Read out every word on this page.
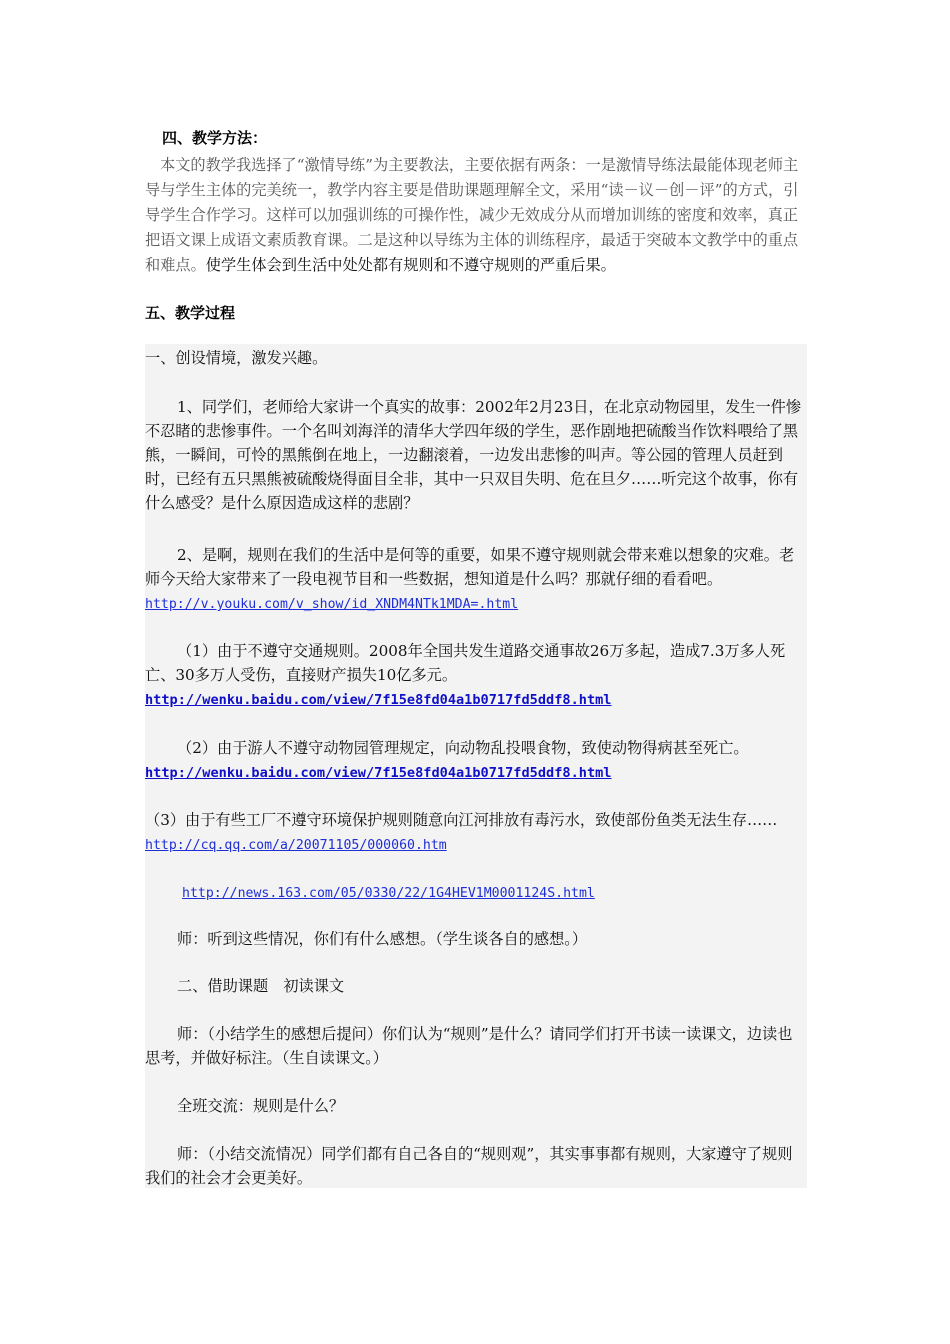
四、教学方法：
本文的教学我选择了“激情导练”为主要教法，主要依据有两条：一是激情导练法最能体现老师主导与学生主体的完美统一，教学内容主要是借助课题理解全文，采用“读－议－创－评”的方式，引导学生合作学习。这样可以加强训练的可操作性，减少无效成分从而增加训练的密度和效率，真正把语文课上成语文素质教育课。二是这种以导练为主体的训练程序，最适于突破本文教学中的重点和难点。使学生体会到生活中处处都有规则和不遵守规则的严重后果。
五、教学过程
一、创设情境，激发兴趣。
1、同学们，老师给大家讲一个真实的故事：2002年2月23日，在北京动物园里，发生一件惨不忍睹的悲惨事件。一个名叫刘海洋的清华大学四年级的学生，恶作剧地把硫酸当作饮料喂给了黑熊，一瞬间，可怜的黑熊倒在地上，一边翻滚着，一边发出悲惨的叫声。等公园的管理人员赶到时，已经有五只黑熊被硫酸烧得面目全非，其中一只双目失明、危在旦夕……听完这个故事，你有什么感受？是什么原因造成这样的悲剧？
2、是啊，规则在我们的生活中是何等的重要，如果不遵守规则就会带来难以想象的灾难。老师今天给大家带来了一段电视节目和一些数据，想知道是什么吗？那就仔细的看看吧。http://v.youku.com/v_show/id_XNDM4NTk1MDA=.html
（1）由于不遵守交通规则。2008年全国共发生道路交通事故26万多起，造成7.3万多人死亡、30多万人受伤，直接财产损失10亿多元。http://wenku.baidu.com/view/7f15e8fd04a1b0717fd5ddf8.html
（2）由于游人不遵守动物园管理规定，向动物乱投喂食物，致使动物得病甚至死亡。http://wenku.baidu.com/view/7f15e8fd04a1b0717fd5ddf8.html
（3）由于有些工厂不遵守环境保护规则随意向江河排放有毒污水，致使部份鱼类无法生存……http://cq.qq.com/a/20071105/000060.htm
http://news.163.com/05/0330/22/1G4HEV1M0001124S.html
师：听到这些情况，你们有什么感想。（学生谈各自的感想。）
二、借助课题　初读课文
师：（小结学生的感想后提问）你们认为“规则”是什么？请同学们打开书读一读课文，边读也思考，并做好标注。（生自读课文。）
全班交流：规则是什么？
师：（小结交流情况）同学们都有自己各自的“规则观”，其实事事都有规则，大家遵守了规则我们的社会才会更美好。
